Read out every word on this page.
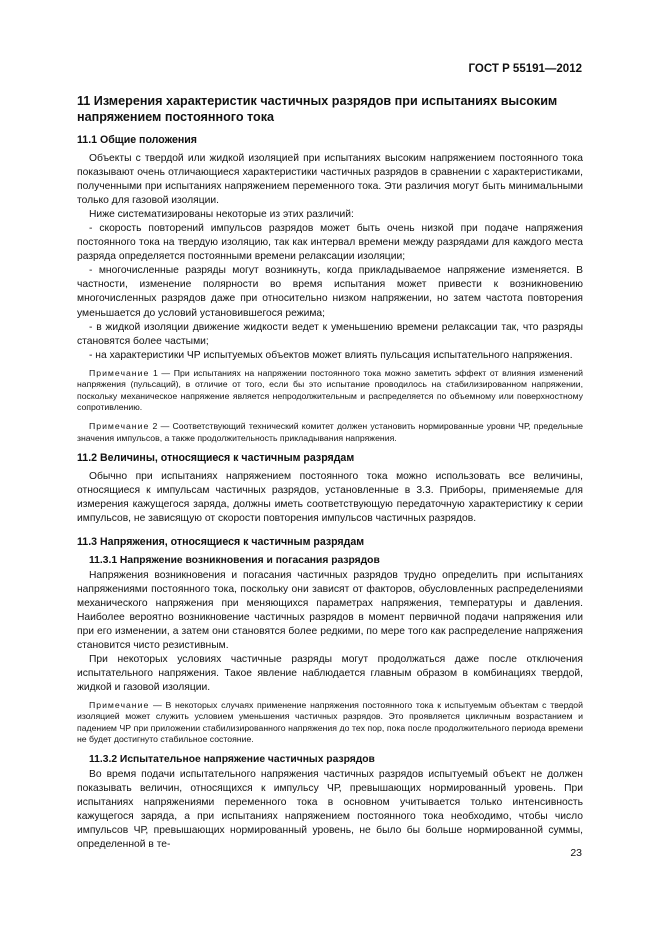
ГОСТ Р 55191—2012
11 Измерения характеристик частичных разрядов при испытаниях высоким напряжением постоянного тока
11.1 Общие положения

Объекты с твердой или жидкой изоляцией при испытаниях высоким напряжением постоянного тока показывают очень отличающиеся характеристики частичных разрядов в сравнении с характеристиками, полученными при испытаниях напряжением переменного тока. Эти различия могут быть минимальными только для газовой изоляции.

Ниже систематизированы некоторые из этих различий:

- скорость повторений импульсов разрядов может быть очень низкой при подаче напряжения постоянного тока на твердую изоляцию, так как интервал времени между разрядами для каждого места разряда определяется постоянными времени релаксации изоляции;

- многочисленные разряды могут возникнуть, когда прикладываемое напряжение изменяется. В частности, изменение полярности во время испытания может привести к возникновению многочисленных разрядов даже при относительно низком напряжении, но затем частота повторения уменьшается до условий установившегося режима;

- в жидкой изоляции движение жидкости ведет к уменьшению времени релаксации так, что разряды становятся более частыми;

- на характеристики ЧР испытуемых объектов может влиять пульсация испытательного напряжения.

Примечание 1 — При испытаниях на напряжении постоянного тока можно заметить эффект от влияния изменений напряжения (пульсаций), в отличие от того, если бы это испытание проводилось на стабилизированном напряжении, поскольку механическое напряжение является непродолжительным и распределяется по объемному или поверхностному сопротивлению.

Примечание 2 — Соответствующий технический комитет должен установить нормированные уровни ЧР, предельные значения импульсов, а также продолжительность прикладывания напряжения.

11.2 Величины, относящиеся к частичным разрядам

Обычно при испытаниях напряжением постоянного тока можно использовать все величины, относящиеся к импульсам частичных разрядов, установленные в 3.3. Приборы, применяемые для измерения кажущегося заряда, должны иметь соответствующую передаточную характеристику к серии импульсов, не зависящую от скорости повторения импульсов частичных разрядов.

11.3 Напряжения, относящиеся к частичным разрядам
11.3.1 Напряжение возникновения и погасания разрядов

Напряжения возникновения и погасания частичных разрядов трудно определить при испытаниях напряжениями постоянного тока, поскольку они зависят от факторов, обусловленных распределениями механического напряжения при меняющихся параметрах напряжения, температуры и давления. Наиболее вероятно возникновение частичных разрядов в момент первичной подачи напряжения или при его изменении, а затем они становятся более редкими, по мере того как распределение напряжения становится чисто резистивным.

При некоторых условиях частичные разряды могут продолжаться даже после отключения испытательного напряжения. Такое явление наблюдается главным образом в комбинациях твердой, жидкой и газовой изоляции.

Примечание — В некоторых случаях применение напряжения постоянного тока к испытуемым объектам с твердой изоляцией может служить условием уменьшения частичных разрядов. Это проявляется цикличным возрастанием и падением ЧР при приложении стабилизированного напряжения до тех пор, пока после продолжительного периода времени не будет достигнуто стабильное состояние.

11.3.2 Испытательное напряжение частичных разрядов

Во время подачи испытательного напряжения частичных разрядов испытуемый объект не должен показывать величин, относящихся к импульсу ЧР, превышающих нормированный уровень. При испытаниях напряжениями переменного тока в основном учитывается только интенсивность кажущегося заряда, а при испытаниях напряжением постоянного тока необходимо, чтобы число импульсов ЧР, превышающих нормированный уровень, не было бы больше нормированной суммы, определенной в те-

23
